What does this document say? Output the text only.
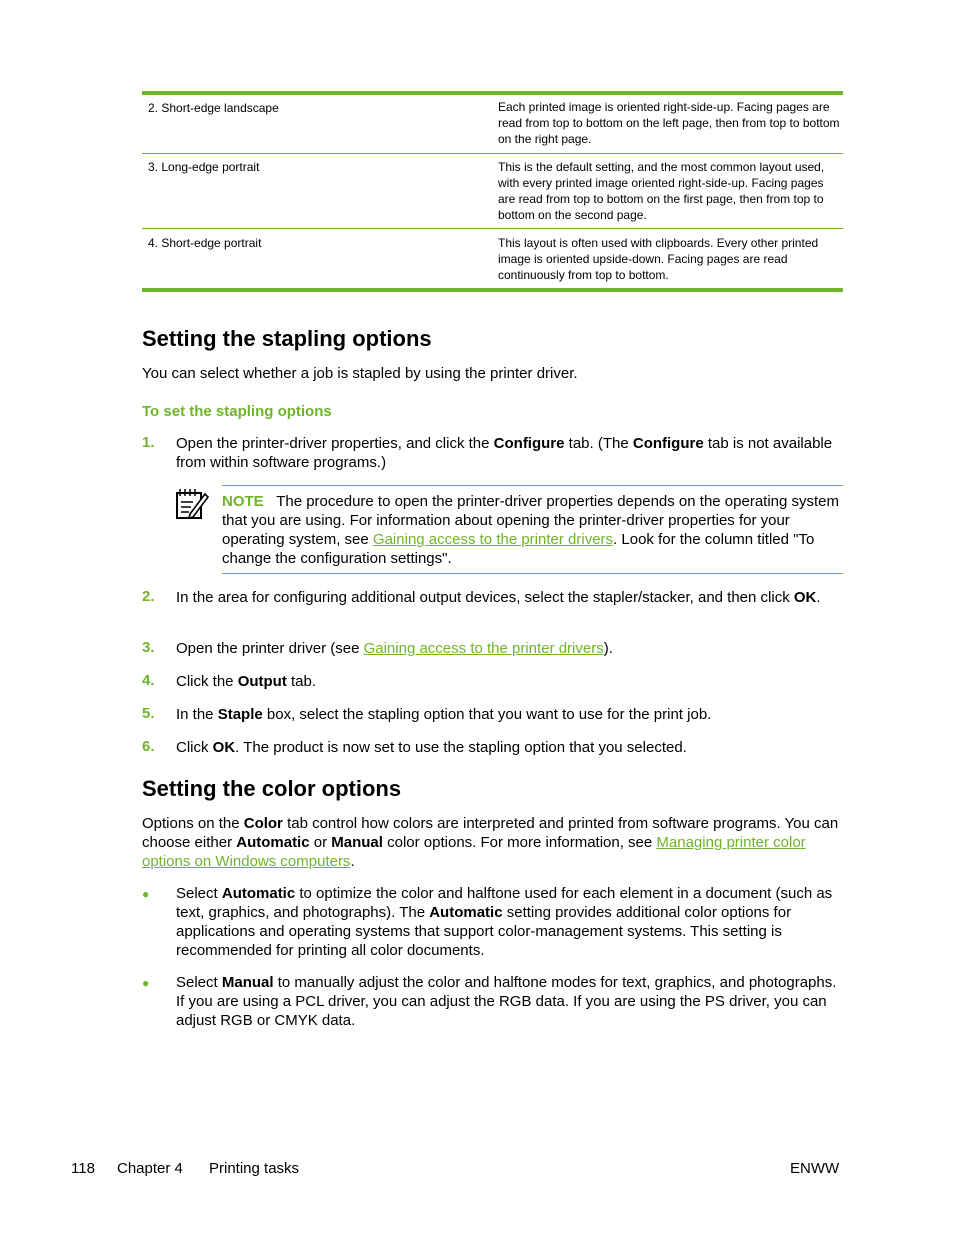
2. Short-edge landscape	Each printed image is oriented right-side-up. Facing pages are read from top to bottom on the left page, then from top to bottom on the right page.
3. Long-edge portrait	This is the default setting, and the most common layout used, with every printed image oriented right-side-up. Facing pages are read from top to bottom on the first page, then from top to bottom on the second page.
4. Short-edge portrait	This layout is often used with clipboards. Every other printed image is oriented upside-down. Facing pages are read continuously from top to bottom.
Setting the stapling options
You can select whether a job is stapled by using the printer driver.
To set the stapling options
1. Open the printer-driver properties, and click the Configure tab. (The Configure tab is not available from within software programs.)
NOTE The procedure to open the printer-driver properties depends on the operating system that you are using. For information about opening the printer-driver properties for your operating system, see Gaining access to the printer drivers. Look for the column titled "To change the configuration settings".
2. In the area for configuring additional output devices, select the stapler/stacker, and then click OK.
3. Open the printer driver (see Gaining access to the printer drivers).
4. Click the Output tab.
5. In the Staple box, select the stapling option that you want to use for the print job.
6. Click OK. The product is now set to use the stapling option that you selected.
Setting the color options
Options on the Color tab control how colors are interpreted and printed from software programs. You can choose either Automatic or Manual color options. For more information, see Managing printer color options on Windows computers.
● Select Automatic to optimize the color and halftone used for each element in a document (such as text, graphics, and photographs). The Automatic setting provides additional color options for applications and operating systems that support color-management systems. This setting is recommended for printing all color documents.
● Select Manual to manually adjust the color and halftone modes for text, graphics, and photographs. If you are using a PCL driver, you can adjust the RGB data. If you are using the PS driver, you can adjust RGB or CMYK data.
118 Chapter 4 Printing tasks	ENWW
